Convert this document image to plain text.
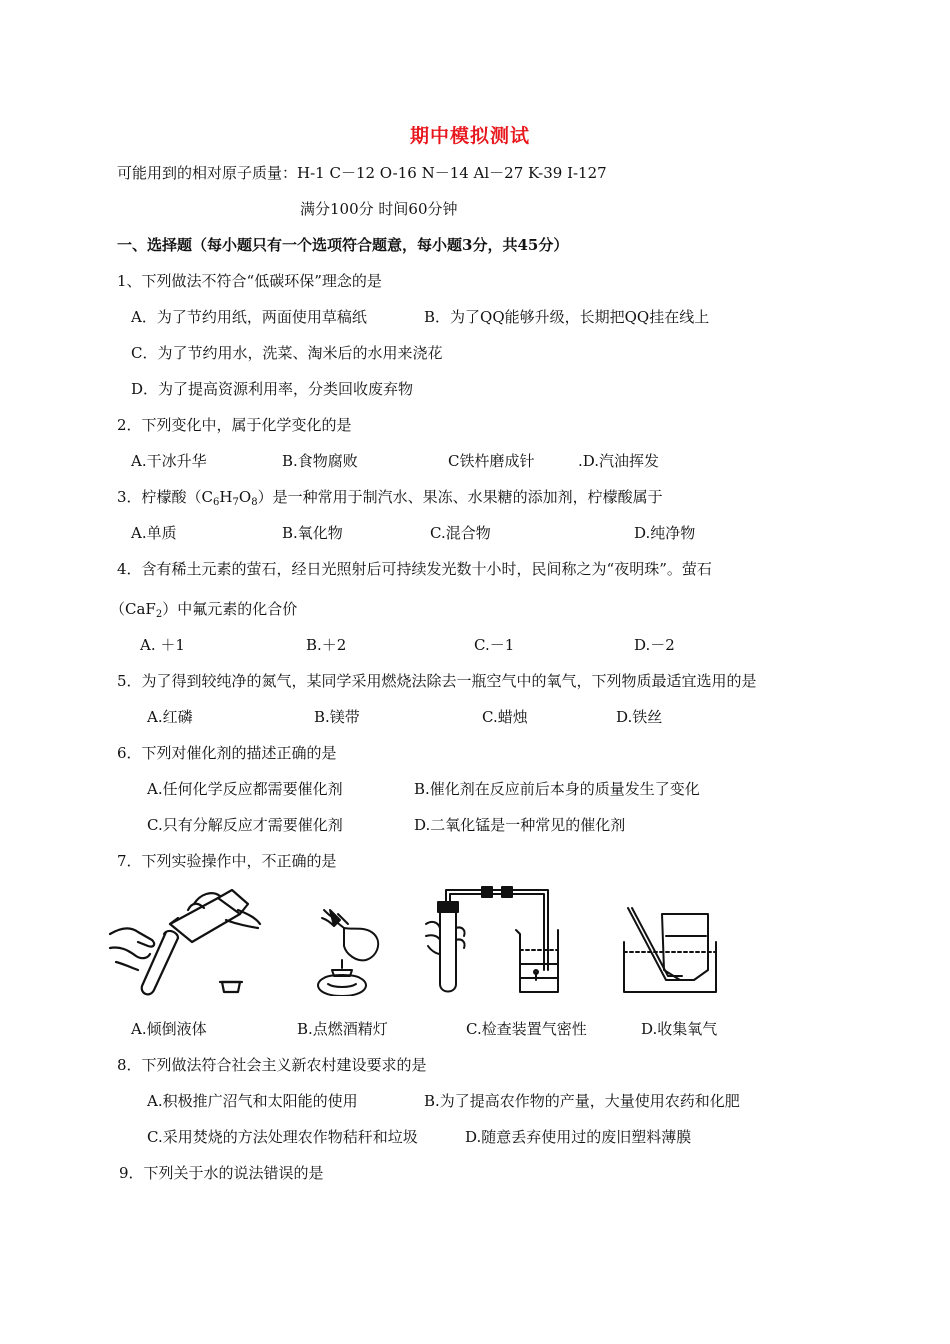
期中模拟测试
可能用到的相对原子质量：H-1 C－12 O-16 N－14 Al－27 K-39 I-127
满分100分 时间60分钟
一、选择题（每小题只有一个选项符合题意，每小题3分，共45分）
1、下列做法不符合“低碳环保”理念的是
A．为了节约用纸，两面使用草稿纸	B．为了QQ能够升级，长期把QQ挂在线上
C．为了节约用水，洗菜、淘米后的水用来浇花
D．为了提高资源利用率，分类回收废弃物
2．下列变化中，属于化学变化的是
A.干冰升华	B.食物腐败	C铁杵磨成针	.D.汽油挥发
3．柠檬酸$(C_6H_7O_8)$是一种常用于制汽水、果冻、水果糖的添加剂，柠檬酸属于
A.单质	B.氧化物	C.混合物	D.纯净物
4．含有稀土元素的萤石，经日光照射后可持续发光数十小时，民间称之为“夜明珠”。萤石
（CaF$_2$）中氟元素的化合价
A. ＋1	B.＋2	C.－1	D.－2
5．为了得到较纯净的氮气，某同学采用燃烧法除去一瓶空气中的氧气，下列物质最适宜选用的是
A.红磷	B.镁带	C.蜡烛	D.铁丝
6．下列对催化剂的描述正确的是
A.任何化学反应都需要催化剂	B.催化剂在反应前后本身的质量发生了变化
C.只有分解反应才需要催化剂	D.二氧化锰是一种常见的催化剂
7．下列实验操作中，不正确的是
A.倾倒液体	B.点燃酒精灯	C.检查装置气密性	D.收集氧气
8．下列做法符合社会主义新农村建设要求的是
A.积极推广沼气和太阳能的使用	B.为了提高农作物的产量，大量使用农药和化肥
C.采用焚烧的方法处理农作物秸秆和垃圾	D.随意丢弃使用过的废旧塑料薄膜
9．下列关于水的说法错误的是
